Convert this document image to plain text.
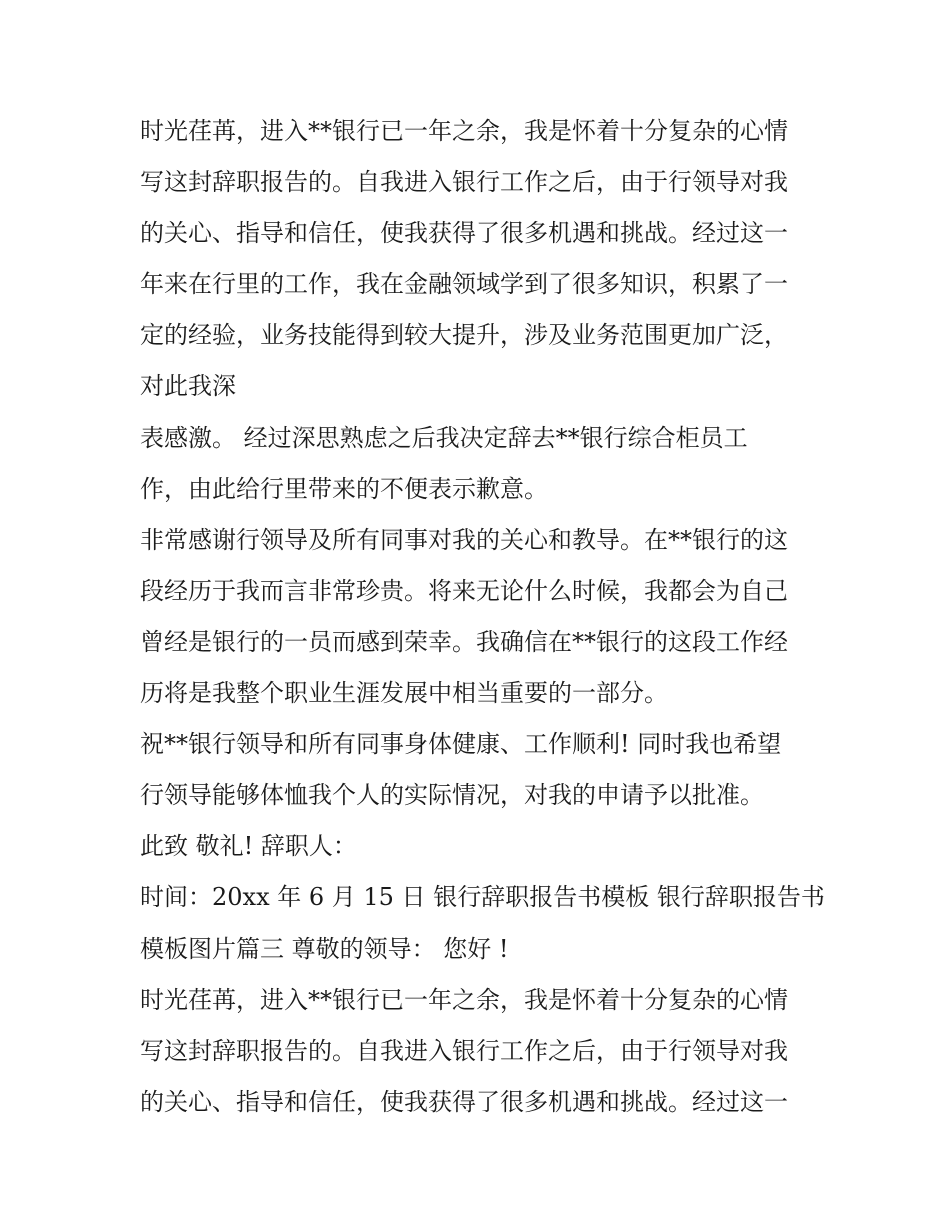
时光荏苒，进入**银行已一年之余，我是怀着十分复杂的心情
写这封辞职报告的。自我进入银行工作之后，由于行领导对我
的关心、指导和信任，使我获得了很多机遇和挑战。经过这一
年来在行里的工作，我在金融领域学到了很多知识，积累了一
定的经验，业务技能得到较大提升，涉及业务范围更加广泛，
对此我深
表感激。 经过深思熟虑之后我决定辞去**银行综合柜员工
作，由此给行里带来的不便表示歉意。
非常感谢行领导及所有同事对我的关心和教导。在**银行的这
段经历于我而言非常珍贵。将来无论什么时候，我都会为自己
曾经是银行的一员而感到荣幸。我确信在**银行的这段工作经
历将是我整个职业生涯发展中相当重要的一部分。
祝**银行领导和所有同事身体健康、工作顺利! 同时我也希望
行领导能够体恤我个人的实际情况，对我的申请予以批准。
此致 敬礼! 辞职人：
时间：20xx 年 6 月 15 日 银行辞职报告书模板 银行辞职报告书
模板图片篇三 尊敬的领导： 您好 !
时光荏苒，进入**银行已一年之余，我是怀着十分复杂的心情
写这封辞职报告的。自我进入银行工作之后，由于行领导对我
的关心、指导和信任，使我获得了很多机遇和挑战。经过这一
